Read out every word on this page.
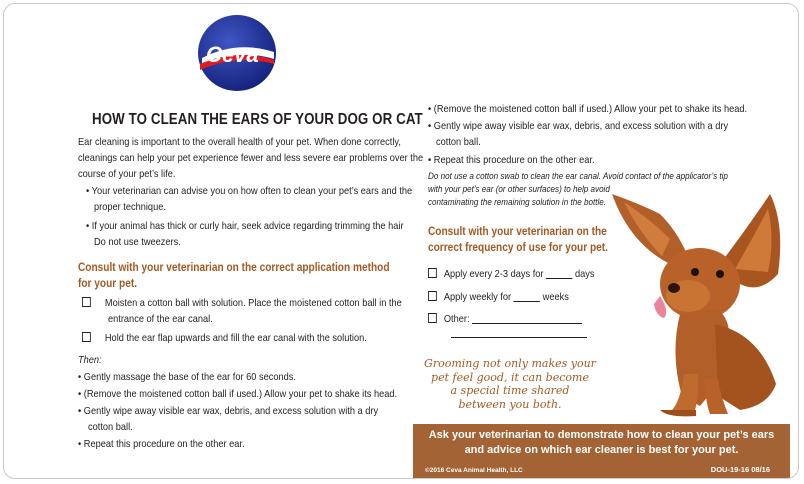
Ceva
HOW TO CLEAN THE EARS OF YOUR DOG OR CAT
Ear cleaning is important to the overall health of your pet. When done correctly,
cleanings can help your pet experience fewer and less severe ear problems over the
course of your pet’s life.
• Your veterinarian can advise you on how often to clean your pet’s ears and the
proper technique.
• If your animal has thick or curly hair, seek advice regarding trimming the hair
Do not use tweezers.
Consult with your veterinarian on the correct application method
for your pet.
Moisten a cotton ball with solution. Place the moistened cotton ball in the
entrance of the ear canal.
Hold the ear flap upwards and fill the ear canal with the solution.
Then:
• Gently massage the base of the ear for 60 seconds.
• (Remove the moistened cotton ball if used.) Allow your pet to shake its head.
• Gently wipe away visible ear wax, debris, and excess solution with a dry
cotton ball.
• Repeat this procedure on the other ear.
• (Remove the moistened cotton ball if used.) Allow your pet to shake its head.
• Gently wipe away visible ear wax, debris, and excess solution with a dry
cotton ball.
• Repeat this procedure on the other ear.
Do not use a cotton swab to clean the ear canal. Avoid contact of the applicator’s tip
with your pet’s ear (or other surfaces) to help avoid
contaminating the remaining solution in the bottle.
Consult with your veterinarian on the
correct frequency of use for your pet.
Apply every 2-3 days for	days
Apply weekly for	weeks
Other:
Grooming not only makes your
pet feel good, it can become
a special time shared
between you both.
Ask your veterinarian to demonstrate how to clean your pet’s ears
and advice on which ear cleaner is best for your pet.
©2016 Ceva Animal Health, LLC	DOU-19-16 08/16
